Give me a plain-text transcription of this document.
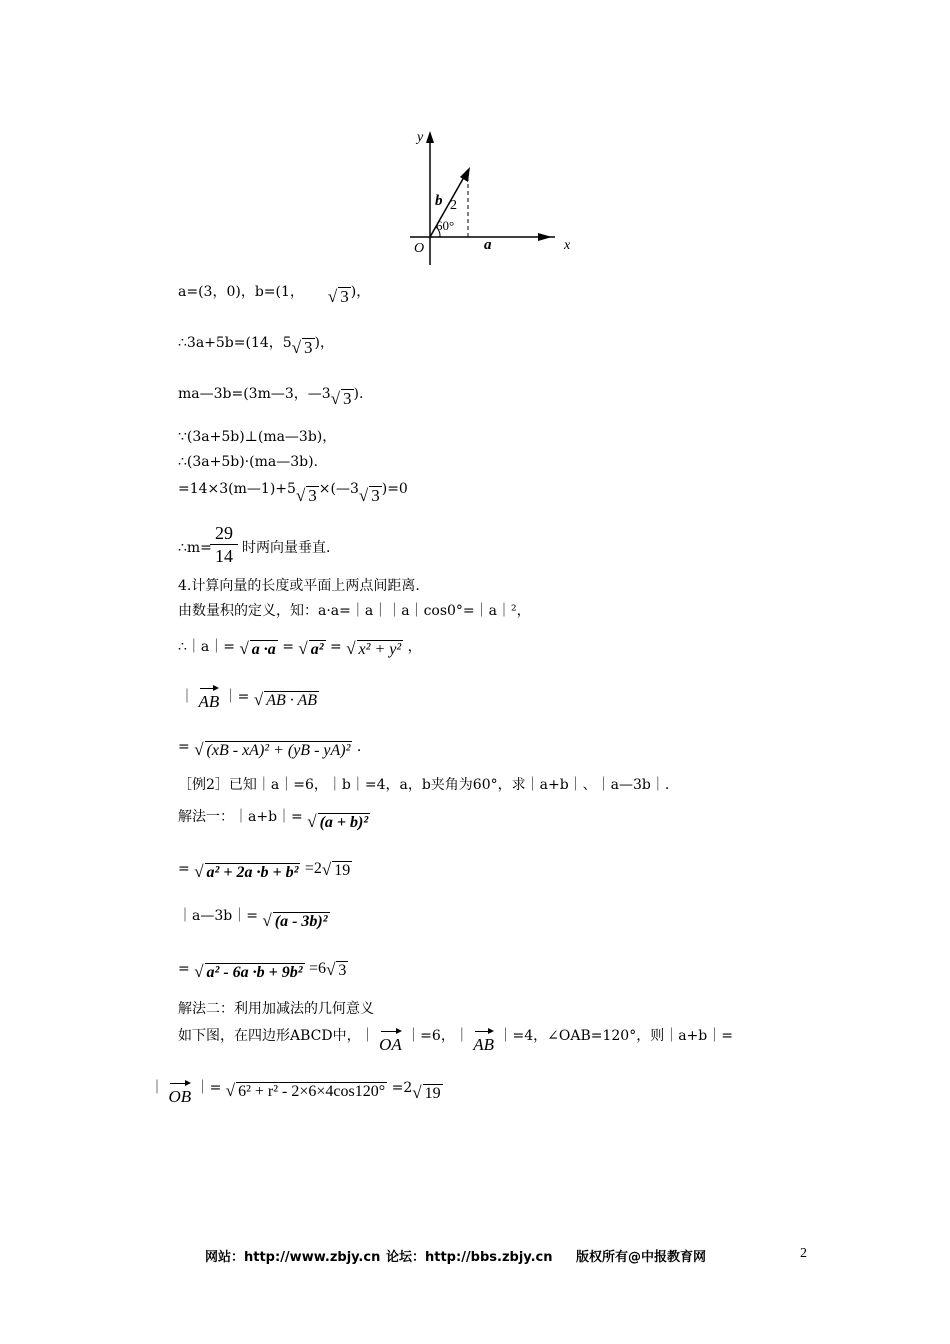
y
x
O	a
b 2
60°
a=(3，0)，b=(1， √ 3 )，
∴3a+5b=(14，5√ 3 )，
ma—3b=(3m—3，—3√ 3 ).
∵(3a+5b)⊥(ma—3b)，
∴(3a+5b)·(ma—3b).
=14×3(m—1)+5√ 3 ×(—3√ 3 )=0
∴m=
$\frac{29}{14}$ 时两向量垂直.
4.计算向量的长度或平面上两点间距离.
由数量积的定义，知：a·a=｜a｜｜a｜cos0°=｜a｜²，
∴｜a｜= √ a ·a = √ a² = √ x² + y² ，
｜ AB ｜= √ AB · AB
= √ (xB - xA)² + (yB - yA)² .
［例2］已知｜a｜=6，｜b｜=4，a，b夹角为60°，求｜a+b｜、｜a—3b｜.
解法一：｜a+b｜= √ (a + b)²
= √ a² + 2a ·b + b² =2√ 19
｜a—3b｜= √ (a - 3b)²
= √ a² - 6a ·b + 9b² =6√ 3
解法二：利用加减法的几何意义
如下图，在四边形ABCD中，｜ OA ｜=6，｜ AB ｜=4，∠OAB=120°，则｜a+b｜=
｜ OB ｜= √ 6² + r² - 2×6×4cos120° =2√ 19
网站：http://www.zbjy.cn 论坛：http://bbs.zbjy.cn 版权所有@中报教育网	2
